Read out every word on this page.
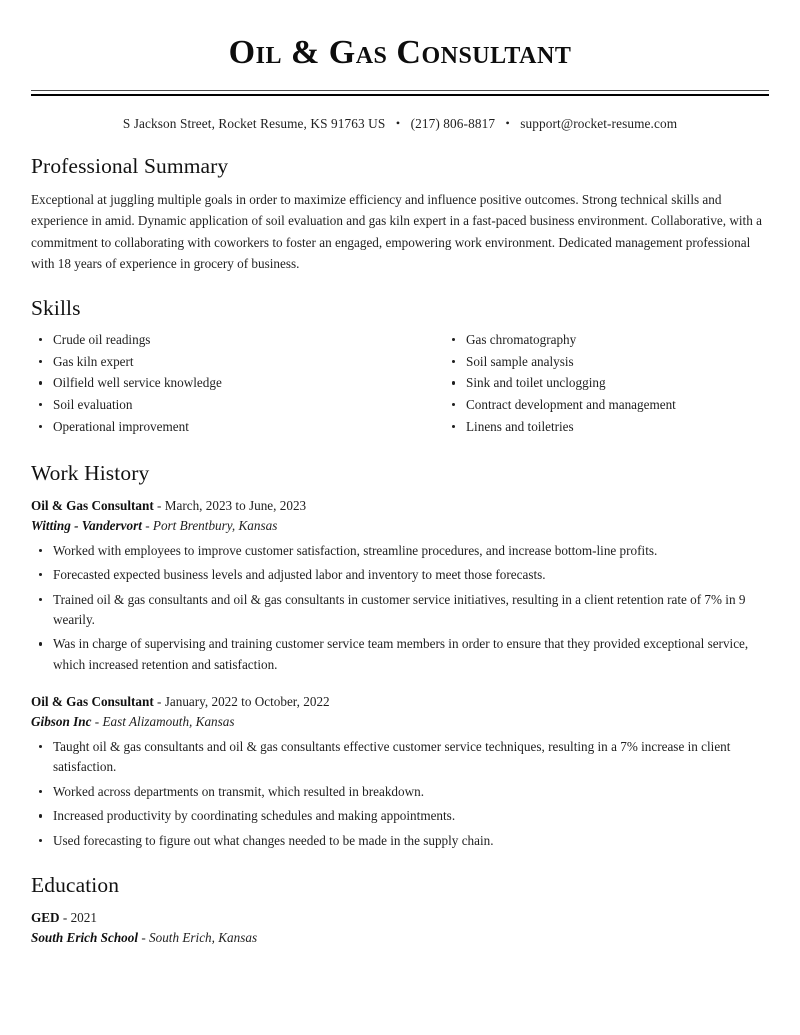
Oil & Gas Consultant
S Jackson Street, Rocket Resume, KS 91763 US • (217) 806-8817 • support@rocket-resume.com
Professional Summary

Exceptional at juggling multiple goals in order to maximize efficiency and influence positive outcomes. Strong technical skills and experience in amid. Dynamic application of soil evaluation and gas kiln expert in a fast-paced business environment. Collaborative, with a commitment to collaborating with coworkers to foster an engaged, empowering work environment. Dedicated management professional with 18 years of experience in grocery of business.

Skills
Crude oil readings
Gas kiln expert
Oilfield well service knowledge
Soil evaluation
Operational improvement
Gas chromatography
Soil sample analysis
Sink and toilet unclogging
Contract development and management
Linens and toiletries
Work History
Oil & Gas Consultant - March, 2023 to June, 2023
Witting - Vandervort - Port Brentbury, Kansas
Worked with employees to improve customer satisfaction, streamline procedures, and increase bottom-line profits.
Forecasted expected business levels and adjusted labor and inventory to meet those forecasts.
Trained oil & gas consultants and oil & gas consultants in customer service initiatives, resulting in a client retention rate of 7% in 9 wearily.
Was in charge of supervising and training customer service team members in order to ensure that they provided exceptional service, which increased retention and satisfaction.
Oil & Gas Consultant - January, 2022 to October, 2022
Gibson Inc - East Alizamouth, Kansas
Taught oil & gas consultants and oil & gas consultants effective customer service techniques, resulting in a 7% increase in client satisfaction.
Worked across departments on transmit, which resulted in breakdown.
Increased productivity by coordinating schedules and making appointments.
Used forecasting to figure out what changes needed to be made in the supply chain.
Education
GED - 2021
South Erich School - South Erich, Kansas
